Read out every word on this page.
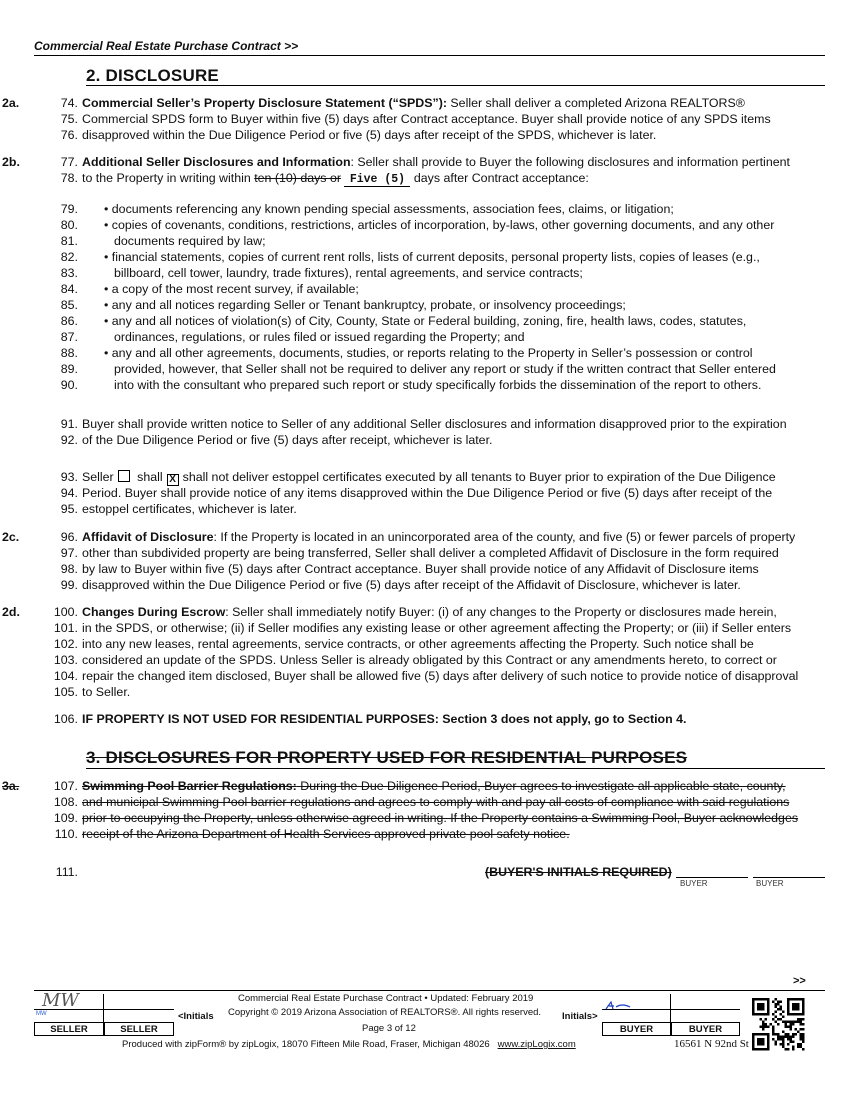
Commercial Real Estate Purchase Contract >>
2. DISCLOSURE
2a.	74. Commercial Seller’s Property Disclosure Statement (“SPDS”): Seller shall deliver a completed Arizona REALTORS®
75. Commercial SPDS form to Buyer within five (5) days after Contract acceptance. Buyer shall provide notice of any SPDS items
76. disapproved within the Due Diligence Period or five (5) days after receipt of the SPDS, whichever is later.
2b.	77. Additional Seller Disclosures and Information: Seller shall provide to Buyer the following disclosures and information pertinent
78. to the Property in writing within ten (10) days or Five (5) days after Contract acceptance:
79. • documents referencing any known pending special assessments, association fees, claims, or litigation;
80. • copies of covenants, conditions, restrictions, articles of incorporation, by-laws, other governing documents, and any other
81.	documents required by law;
82. • financial statements, copies of current rent rolls, lists of current deposits, personal property lists, copies of leases (e.g.,
83.	billboard, cell tower, laundry, trade fixtures), rental agreements, and service contracts;
84. • a copy of the most recent survey, if available;
85. • any and all notices regarding Seller or Tenant bankruptcy, probate, or insolvency proceedings;
86. • any and all notices of violation(s) of City, County, State or Federal building, zoning, fire, health laws, codes, statutes,
87.	ordinances, regulations, or rules filed or issued regarding the Property; and
88. • any and all other agreements, documents, studies, or reports relating to the Property in Seller’s possession or control
89.	provided, however, that Seller shall not be required to deliver any report or study if the written contract that Seller entered
90.	into with the consultant who prepared such report or study specifically forbids the dissemination of the report to others.
91. Buyer shall provide written notice to Seller of any additional Seller disclosures and information disapproved prior to the expiration
92. of the Due Diligence Period or five (5) days after receipt, whichever is later.
93. Seller shall X shall not deliver estoppel certificates executed by all tenants to Buyer prior to expiration of the Due Diligence
94. Period. Buyer shall provide notice of any items disapproved within the Due Diligence Period or five (5) days after receipt of the
95. estoppel certificates, whichever is later.
2c.	96. Affidavit of Disclosure: If the Property is located in an unincorporated area of the county, and five (5) or fewer parcels of property
97. other than subdivided property are being transferred, Seller shall deliver a completed Affidavit of Disclosure in the form required
98. by law to Buyer within five (5) days after Contract acceptance. Buyer shall provide notice of any Affidavit of Disclosure items
99. disapproved within the Due Diligence Period or five (5) days after receipt of the Affidavit of Disclosure, whichever is later.
2d.	100. Changes During Escrow: Seller shall immediately notify Buyer: (i) of any changes to the Property or disclosures made herein,
101. in the SPDS, or otherwise; (ii) if Seller modifies any existing lease or other agreement affecting the Property; or (iii) if Seller enters
102. into any new leases, rental agreements, service contracts, or other agreements affecting the Property. Such notice shall be
103. considered an update of the SPDS. Unless Seller is already obligated by this Contract or any amendments hereto, to correct or
104. repair the changed item disclosed, Buyer shall be allowed five (5) days after delivery of such notice to provide notice of disapproval
105. to Seller.
106. IF PROPERTY IS NOT USED FOR RESIDENTIAL PURPOSES: Section 3 does not apply, go to Section 4.
3. DISCLOSURES FOR PROPERTY USED FOR RESIDENTIAL PURPOSES
3a.	107. Swimming Pool Barrier Regulations: During the Due Diligence Period, Buyer agrees to investigate all applicable state, county,
108. and municipal Swimming Pool barrier regulations and agrees to comply with and pay all costs of compliance with said regulations
109. prior to occupying the Property, unless otherwise agreed in writing. If the Property contains a Swimming Pool, Buyer acknowledges
110. receipt of the Arizona Department of Health Services approved private pool safety notice.
111.	(BUYER'S INITIALS REQUIRED)
BUYER	BUYER
>>
MW
MW
SELLER	SELLER
<Initials
Commercial Real Estate Purchase Contract • Updated: February 2019
Copyright © 2019 Arizona Association of REALTORS®. All rights reserved.
Page 3 of 12
Initials>
BUYER	BUYER
Produced with zipForm® by zipLogix, 18070 Fifteen Mile Road, Fraser, Michigan 48026 www.zipLogix.com	16561 N 92nd St
